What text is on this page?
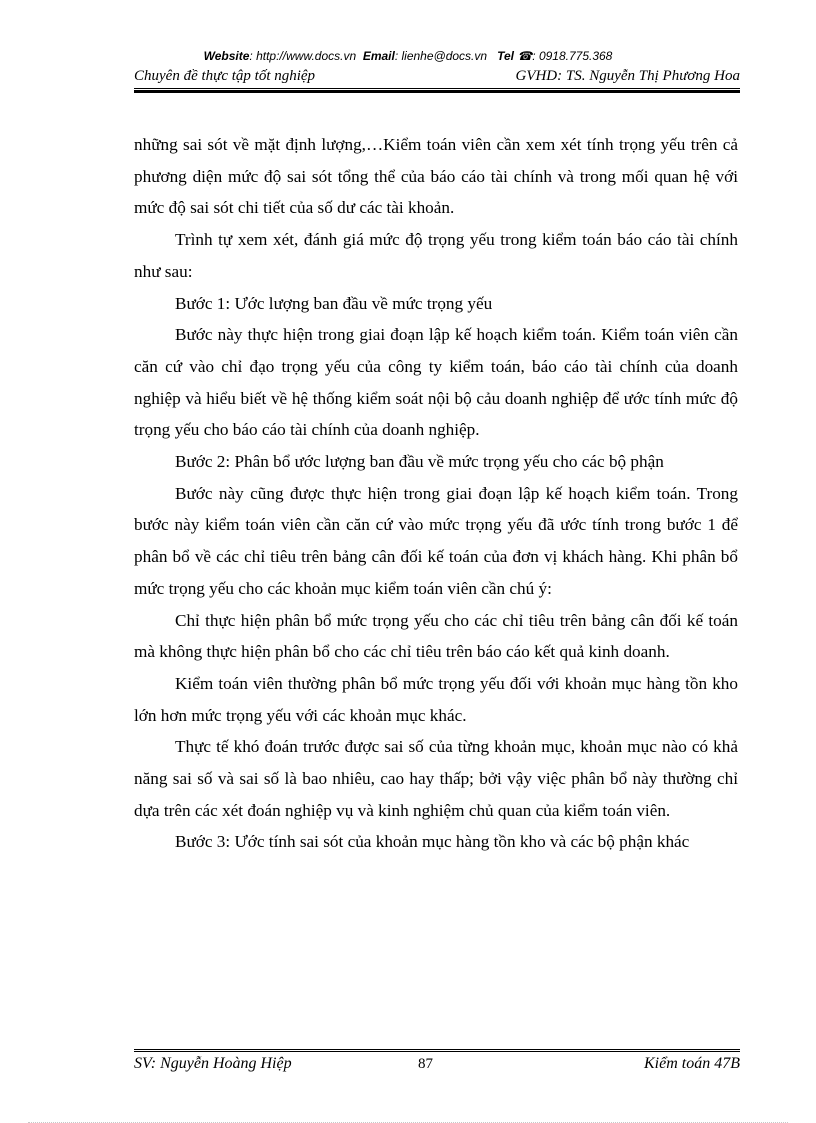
Website: http://www.docs.vn Email: lienhe@docs.vn Tel ☎: 0918.775.368
Chuyên đề thực tập tốt nghiệp	GVHD: TS. Nguyễn Thị Phương Hoa

những sai sót về mặt định lượng,…Kiểm toán viên cần xem xét tính trọng yếu trên cả phương diện mức độ sai sót tổng thể của báo cáo tài chính và trong mối quan hệ với mức độ sai sót chi tiết của số dư các tài khoản.

Trình tự xem xét, đánh giá mức độ trọng yếu trong kiểm toán báo cáo tài chính như sau:

Bước 1: Ước lượng ban đầu về mức trọng yếu

Bước này thực hiện trong giai đoạn lập kế hoạch kiểm toán. Kiểm toán viên cần căn cứ vào chỉ đạo trọng yếu của công ty kiểm toán, báo cáo tài chính của doanh nghiệp và hiểu biết về hệ thống kiểm soát nội bộ cảu doanh nghiệp để ước tính mức độ trọng yếu cho báo cáo tài chính của doanh nghiệp.

Bước 2: Phân bổ ước lượng ban đầu về mức trọng yếu cho các bộ phận

Bước này cũng được thực hiện trong giai đoạn lập kế hoạch kiểm toán. Trong bước này kiểm toán viên cần căn cứ vào mức trọng yếu đã ước tính trong bước 1 để phân bổ về các chỉ tiêu trên bảng cân đối kế toán của đơn vị khách hàng. Khi phân bổ mức trọng yếu cho các khoản mục kiểm toán viên cần chú ý:

Chỉ thực hiện phân bổ mức trọng yếu cho các chỉ tiêu trên bảng cân đối kế toán mà không thực hiện phân bổ cho các chỉ tiêu trên báo cáo kết quả kinh doanh.

Kiểm toán viên thường phân bổ mức trọng yếu đối với khoản mục hàng tồn kho lớn hơn mức trọng yếu với các khoản mục khác.

Thực tế khó đoán trước được sai số của từng khoản mục, khoản mục nào có khả năng sai số và sai số là bao nhiêu, cao hay thấp; bởi vậy việc phân bổ này thường chỉ dựa trên các xét đoán nghiệp vụ và kinh nghiệm chủ quan của kiểm toán viên.

Bước 3: Ước tính sai sót của khoản mục hàng tồn kho và các bộ phận khác

SV: Nguyễn Hoàng Hiệp	87	Kiểm toán 47B
